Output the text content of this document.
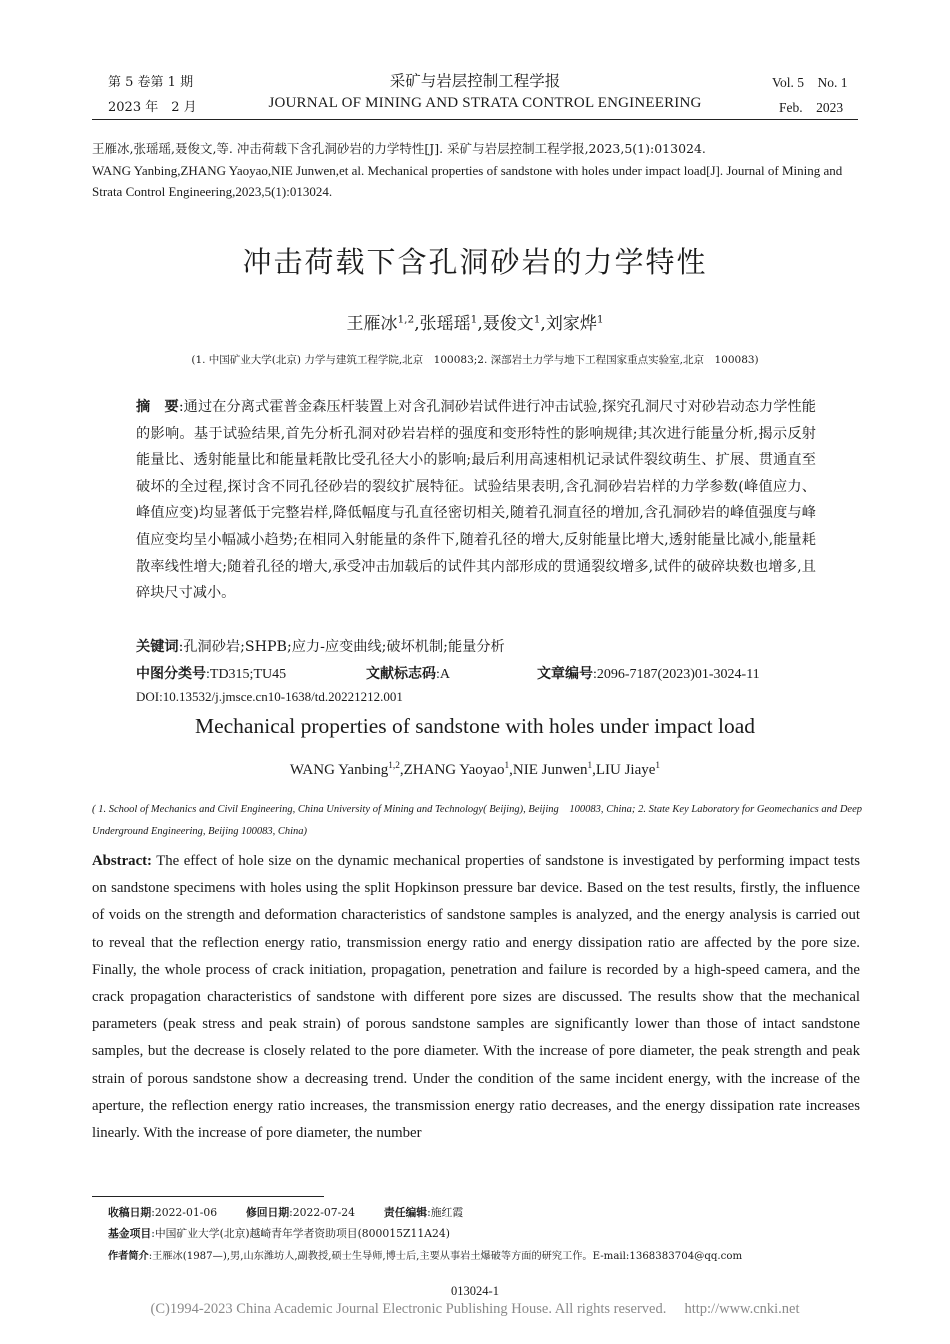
第 5 卷第 1 期
2023 年　2 月
采矿与岩层控制工程学报
JOURNAL OF MINING AND STRATA CONTROL ENGINEERING
Vol. 5　No. 1
Feb.　2023
王雁冰,张瑶瑶,聂俊文,等. 冲击荷载下含孔洞砂岩的力学特性[J]. 采矿与岩层控制工程学报,2023,5(1):013024.
WANG Yanbing,ZHANG Yaoyao,NIE Junwen,et al. Mechanical properties of sandstone with holes under impact load[J]. Journal of Mining and Strata Control Engineering,2023,5(1):013024.
冲击荷载下含孔洞砂岩的力学特性
王雁冰$^{1,2}$,张瑶瑶$^1$,聂俊文$^1$,刘家烨$^1$
(1. 中国矿业大学(北京) 力学与建筑工程学院,北京　100083;2. 深部岩土力学与地下工程国家重点实验室,北京　100083)
摘　要:通过在分离式霍普金森压杆装置上对含孔洞砂岩试件进行冲击试验,探究孔洞尺寸对砂岩动态力学性能的影响。基于试验结果,首先分析孔洞对砂岩岩样的强度和变形特性的影响规律;其次进行能量分析,揭示反射能量比、透射能量比和能量耗散比受孔径大小的影响;最后利用高速相机记录试件裂纹萌生、扩展、贯通直至破坏的全过程,探讨含不同孔径砂岩的裂纹扩展特征。试验结果表明,含孔洞砂岩岩样的力学参数(峰值应力、峰值应变)均显著低于完整岩样,降低幅度与孔直径密切相关,随着孔洞直径的增加,含孔洞砂岩的峰值强度与峰值应变均呈小幅减小趋势;在相同入射能量的条件下,随着孔径的增大,反射能量比增大,透射能量比减小,能量耗散率线性增大;随着孔径的增大,承受冲击加载后的试件其内部形成的贯通裂纹增多,试件的破碎块数也增多,且碎块尺寸减小。
关键词:孔洞砂岩;SHPB;应力-应变曲线;破坏机制;能量分析
中图分类号:TD315;TU45	文献标志码:A	文章编号:2096-7187(2023)01-3024-11
DOI:10.13532/j.jmsce.cn10-1638/td.20221212.001
Mechanical properties of sandstone with holes under impact load
WANG Yanbing$^{1,2}$,ZHANG Yaoyao$^1$,NIE Junwen$^1$,LIU Jiaye$^1$
( 1. School of Mechanics and Civil Engineering, China University of Mining and Technology( Beijing), Beijing　100083, China; 2. State Key Laboratory for Geomechanics and Deep Underground Engineering, Beijing 100083, China)
Abstract: The effect of hole size on the dynamic mechanical properties of sandstone is investigated by performing impact tests on sandstone specimens with holes using the split Hopkinson pressure bar device. Based on the test results, firstly, the influence of voids on the strength and deformation characteristics of sandstone samples is analyzed, and the energy analysis is carried out to reveal that the reflection energy ratio, transmission energy ratio and energy dissipation ratio are affected by the pore size. Finally, the whole process of crack initiation, propagation, penetration and failure is recorded by a high-speed camera, and the crack propagation characteristics of sandstone with different pore sizes are discussed. The results show that the mechanical parameters (peak stress and peak strain) of porous sandstone samples are significantly lower than those of intact sandstone samples, but the decrease is closely related to the pore diameter. With the increase of pore diameter, the peak strength and peak strain of porous sandstone show a decreasing trend. Under the condition of the same incident energy, with the increase of the aperture, the reflection energy ratio increases, the transmission energy ratio decreases, and the energy dissipation rate increases linearly. With the increase of pore diameter, the number
收稿日期:2022-01-06	修回日期:2022-07-24	责任编辑:施红霞
基金项目:中国矿业大学(北京)越崎青年学者资助项目(800015Z11A24)
作者简介:王雁冰(1987—),男,山东潍坊人,副教授,硕士生导师,博士后,主要从事岩土爆破等方面的研究工作。E-mail:1368383704@qq.com
013024-1
(C)1994-2023 China Academic Journal Electronic Publishing House. All rights reserved.　 http://www.cnki.net
